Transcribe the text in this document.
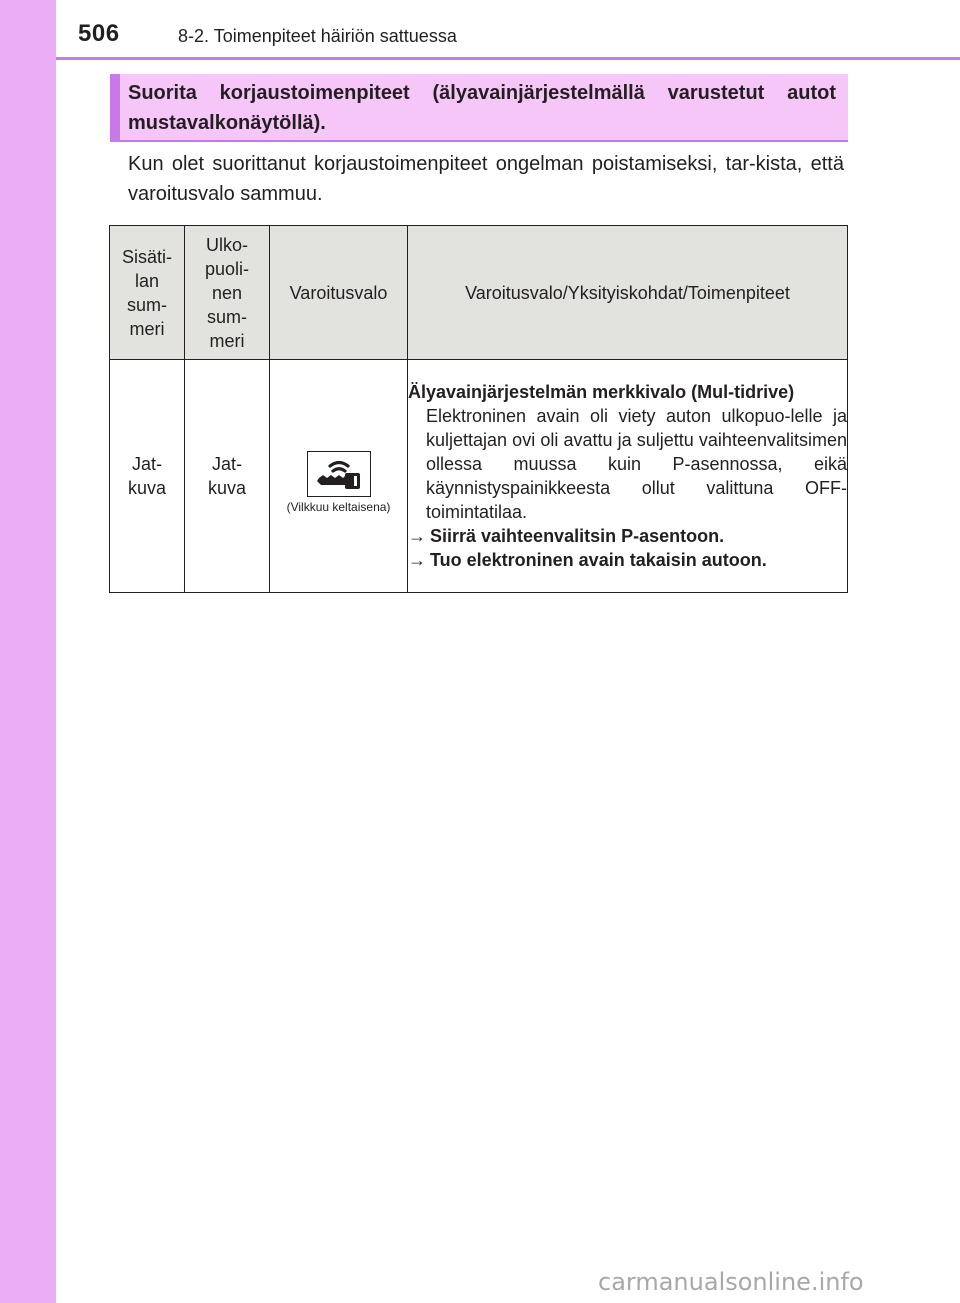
506	8-2. Toimenpiteet häiriön sattuessa

Suorita korjaustoimenpiteet (älyavainjärjestelmällä varustetut autot mustavalkonäytöllä).

Kun olet suorittanut korjaustoimenpiteet ongelman poistamiseksi, tar-kista, että varoitusvalo sammuu.

Sisäti-lan sum-meri	Ulko-puoli-nen sum-meri	Varoitusvalo	Varoitusvalo/Yksityiskohdat/Toimenpiteet

Jat-kuva	Jat-kuva	(Vilkkuu keltaisena)	Älyavainjärjestelmän merkkivalo (Mul-tidrive)
Elektroninen avain oli viety auton ulkopuo-lelle ja kuljettajan ovi oli avattu ja suljettu vaihteenvalitsimen ollessa muussa kuin P-asennossa, eikä käynnistyspainikkeesta ollut valittuna OFF-toimintatilaa.
→ Siirrä vaihteenvalitsin P-asentoon.
→ Tuo elektroninen avain takaisin autoon.
carmanualsonline.info
